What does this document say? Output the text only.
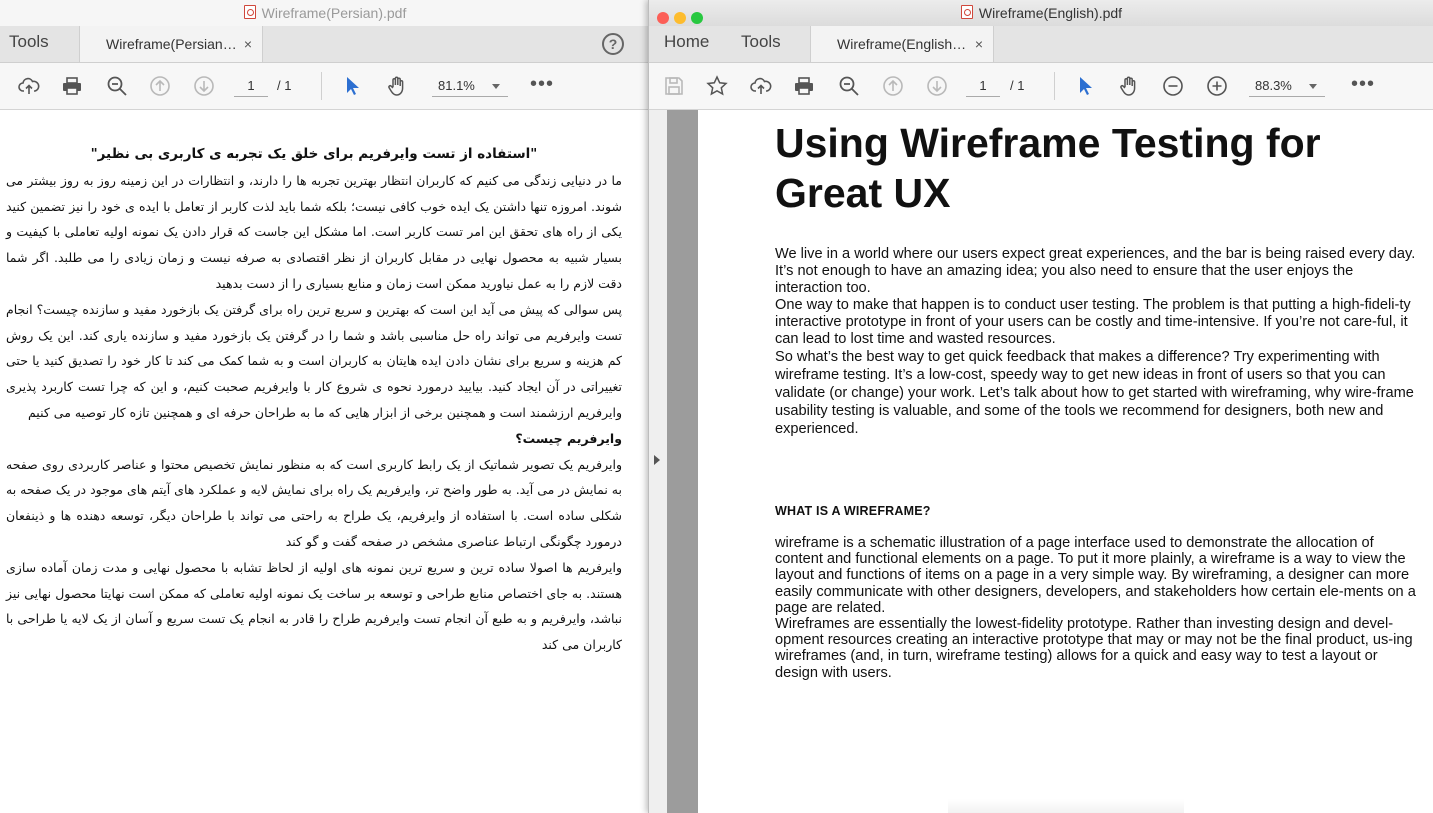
Wireframe(Persian).pdf
Tools	Wireframe(Persian… ×	?
1	/ 1	81.1%	•••

"استفاده از تست وایرفریم برای خلق یک تجربه ی کاربری بی نظیر"

ما در دنیایی زندگی می کنیم که کاربران انتظار بهترین تجربه ها را دارند، و انتظارات در این زمینه روز به روز بیشتر می شوند. امروزه تنها داشتن یک ایده خوب کافی نیست؛ بلکه شما باید لذت کاربر از تعامل با ایده ی خود را نیز تضمین کنید یکی از راه های تحقق این امر تست کاربر است. اما مشکل این جاست که قرار دادن یک نمونه اولیه تعاملی با کیفیت و بسیار شبیه به محصول نهایی در مقابل کاربران از نظر اقتصادی به صرفه نیست و زمان زیادی را می طلبد. اگر شما دقت لازم را به عمل نیاورید ممکن است زمان و منابع بسیاری را از دست بدهید

پس سوالی که پیش می آید این است که بهترین و سریع ترین راه برای گرفتن یک بازخورد مفید و سازنده چیست؟ انجام تست وایرفریم می تواند راه حل مناسبی باشد و شما را در گرفتن یک بازخورد مفید و سازنده یاری کند. این یک روش کم هزینه و سریع برای نشان دادن ایده هایتان به کاربران است و به شما کمک می کند تا کار خود را تصدیق کنید یا حتی تغییراتی در آن ایجاد کنید. بیایید درمورد نحوه ی شروع کار با وایرفریم صحبت کنیم، و این که چرا تست کاربرد پذیری وایرفریم ارزشمند است و همچنین برخی از ابزار هایی که ما به طراحان حرفه ای و همچنین تازه کار توصیه می کنیم

وایرفریم چیست؟

وایرفریم یک تصویر شماتیک از یک رابط کاربری است که به منظور نمایش تخصیص محتوا و عناصر کاربردی روی صفحه به نمایش در می آید. به طور واضح تر، وایرفریم یک راه برای نمایش لایه و عملکرد های آیتم های موجود در یک صفحه به شکلی ساده است. با استفاده از وایرفریم، یک طراح به راحتی می تواند با طراحان دیگر، توسعه دهنده ها و ذینفعان درمورد چگونگی ارتباط عناصری مشخص در صفحه گفت و گو کند

وایرفریم ها اصولا ساده ترین و سریع ترین نمونه های اولیه از لحاظ تشابه با محصول نهایی و مدت زمان آماده سازی هستند. به جای اختصاص منابع طراحی و توسعه بر ساخت یک نمونه اولیه تعاملی که ممکن است نهایتا محصول نهایی نیز نباشد، وایرفریم و به طبع آن انجام تست وایرفریم طراح را قادر به انجام یک تست سریع و آسان از یک لایه یا طراحی با کاربران می کند

Wireframe(English).pdf
Home Tools	Wireframe(English… ×
1	/ 1	88.3%	•••
Using Wireframe Testing for Great UX

We live in a world where our users expect great experiences, and the bar is being raised every day. It’s not enough to have an amazing idea; you also need to ensure that the user enjoys the interaction too.

One way to make that happen is to conduct user testing. The problem is that putting a high-fideli-ty interactive prototype in front of your users can be costly and time-intensive. If you’re not care-ful, it can lead to lost time and wasted resources.

So what’s the best way to get quick feedback that makes a difference? Try experimenting with wireframe testing. It’s a low-cost, speedy way to get new ideas in front of users so that you can validate (or change) your work. Let’s talk about how to get started with wireframing, why wire-frame usability testing is valuable, and some of the tools we recommend for designers, both new and experienced.

WHAT IS A WIREFRAME?

wireframe is a schematic illustration of a page interface used to demonstrate the allocation of content and functional elements on a page. To put it more plainly, a wireframe is a way to view the layout and functions of items on a page in a very simple way. By wireframing, a designer can more easily communicate with other designers, developers, and stakeholders how certain ele-ments on a page are related.

Wireframes are essentially the lowest-fidelity prototype. Rather than investing design and devel-opment resources creating an interactive prototype that may or may not be the final product, us-ing wireframes (and, in turn, wireframe testing) allows for a quick and easy way to test a layout or design with users.
